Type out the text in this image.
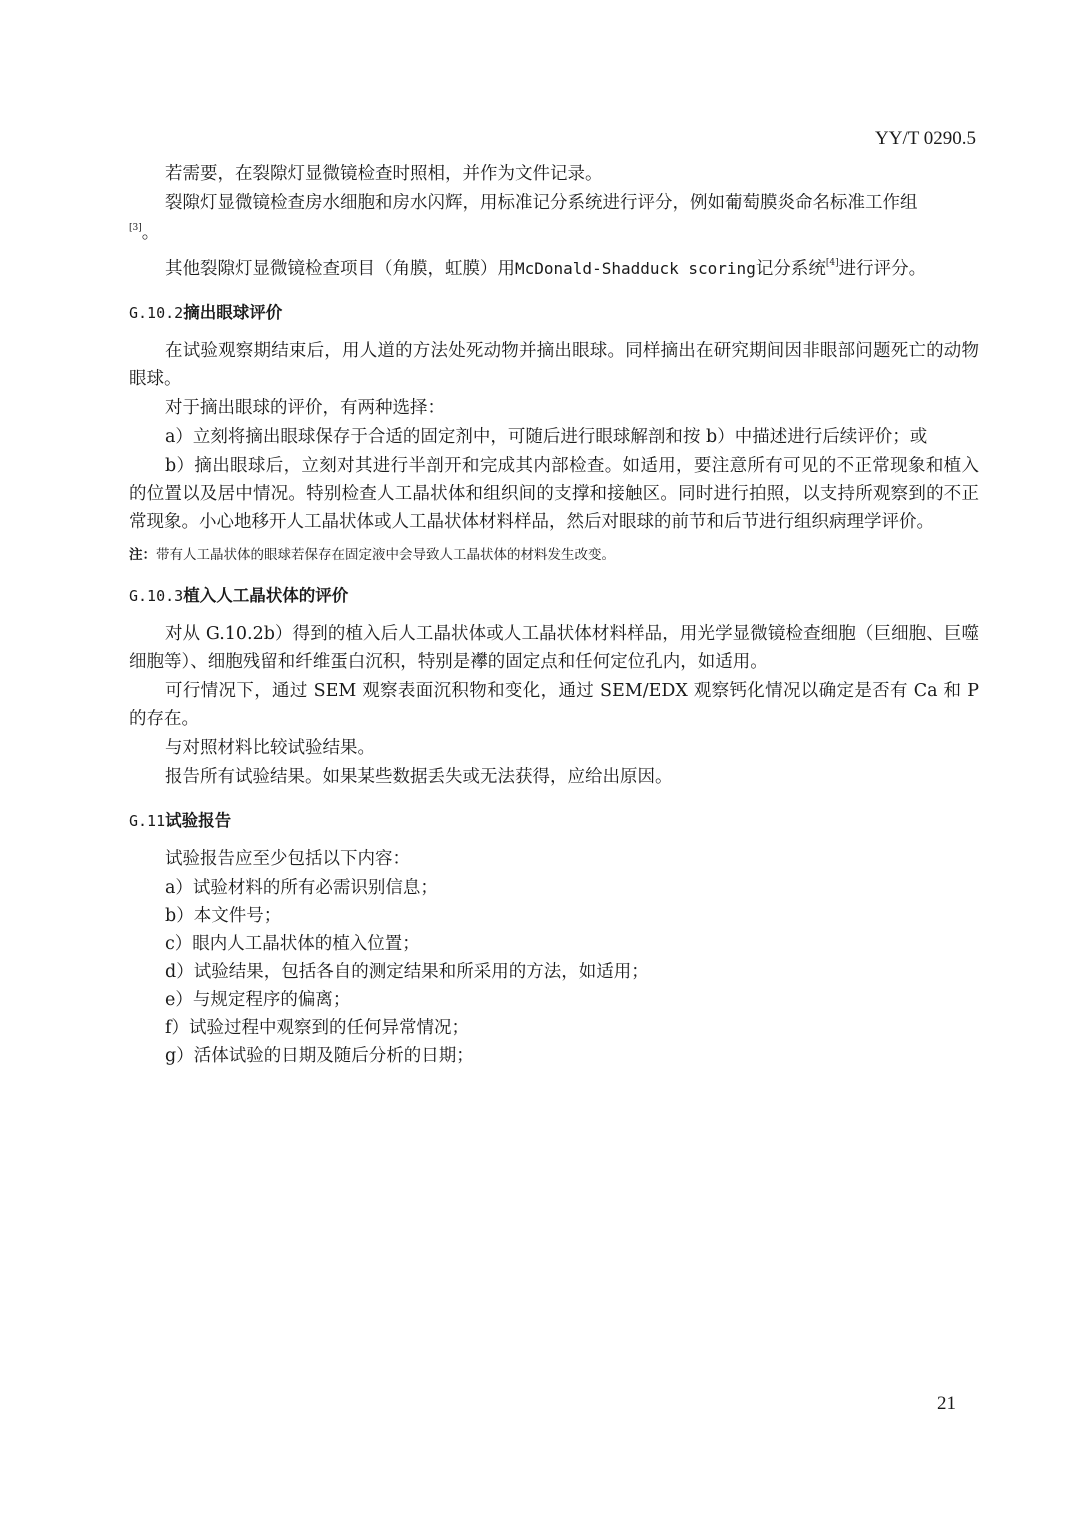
YY/T 0290.5

若需要，在裂隙灯显微镜检查时照相，并作为文件记录。

裂隙灯显微镜检查房水细胞和房水闪辉，用标准记分系统进行评分，例如葡萄膜炎命名标准工作组

[3]。

其他裂隙灯显微镜检查项目（角膜，虹膜）用McDonald-Shadduck scoring记分系统[4]进行评分。

G.10.2摘出眼球评价

在试验观察期结束后，用人道的方法处死动物并摘出眼球。同样摘出在研究期间因非眼部问题死亡的动物眼球。

对于摘出眼球的评价，有两种选择：

a）立刻将摘出眼球保存于合适的固定剂中，可随后进行眼球解剖和按 b）中描述进行后续评价；或

b）摘出眼球后，立刻对其进行半剖开和完成其内部检查。如适用，要注意所有可见的不正常现象和植入的位置以及居中情况。特别检查人工晶状体和组织间的支撑和接触区。同时进行拍照，以支持所观察到的不正常现象。小心地移开人工晶状体或人工晶状体材料样品，然后对眼球的前节和后节进行组织病理学评价。

注：带有人工晶状体的眼球若保存在固定液中会导致人工晶状体的材料发生改变。

G.10.3植入人工晶状体的评价

对从 G.10.2b）得到的植入后人工晶状体或人工晶状体材料样品，用光学显微镜检查细胞（巨细胞、巨噬细胞等）、细胞残留和纤维蛋白沉积，特别是襻的固定点和任何定位孔内，如适用。

可行情况下，通过 SEM 观察表面沉积物和变化，通过 SEM/EDX 观察钙化情况以确定是否有 Ca 和 P 的存在。

与对照材料比较试验结果。

报告所有试验结果。如果某些数据丢失或无法获得，应给出原因。

G.11试验报告

试验报告应至少包括以下内容：

a）试验材料的所有必需识别信息；

b）本文件号；

c）眼内人工晶状体的植入位置；

d）试验结果，包括各自的测定结果和所采用的方法，如适用；

e）与规定程序的偏离；

f）试验过程中观察到的任何异常情况；

g）活体试验的日期及随后分析的日期；

21
